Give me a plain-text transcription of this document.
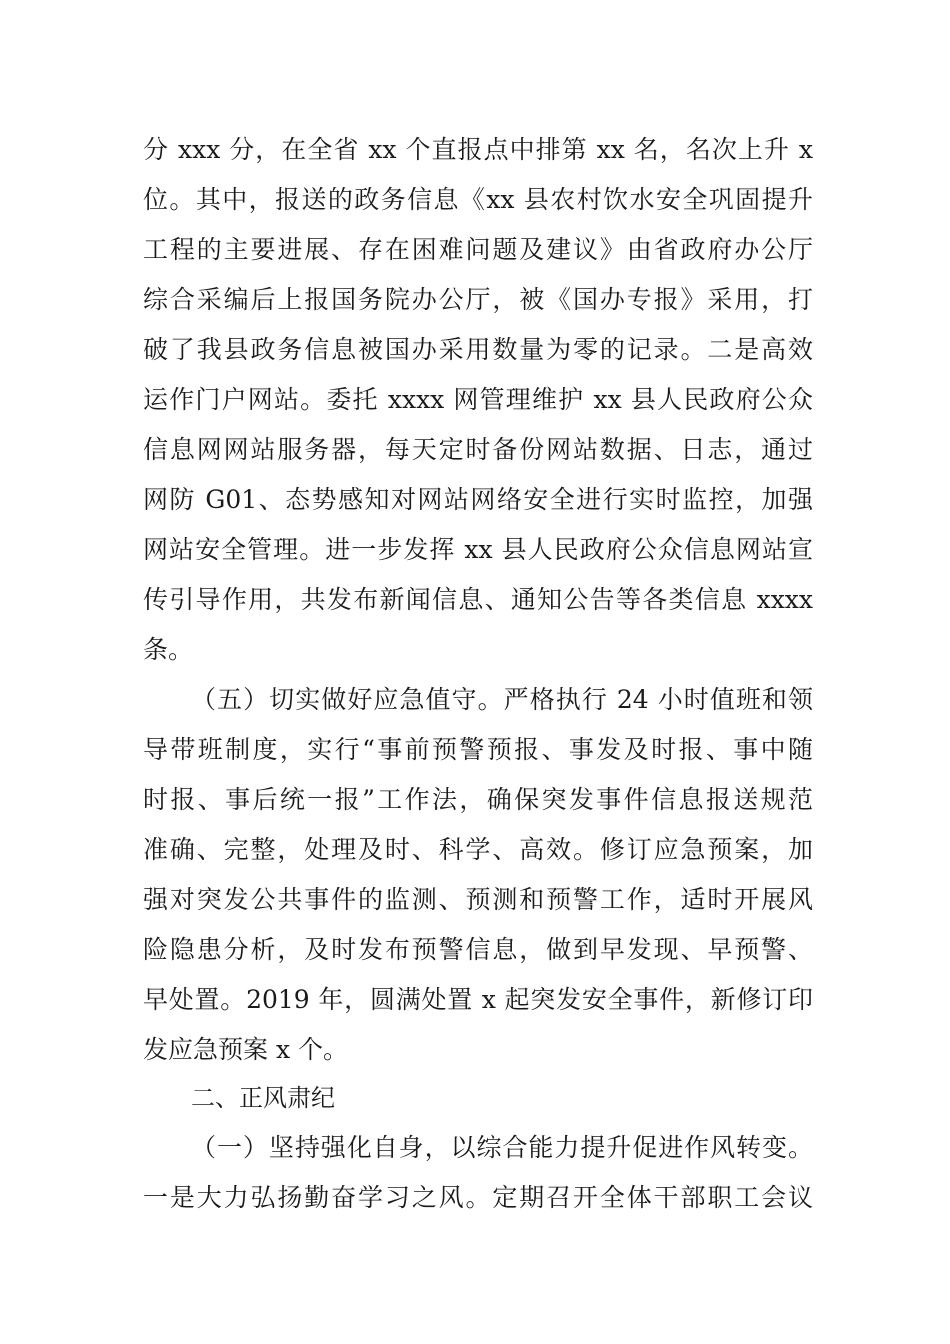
分 xxx 分，在全省 xx 个直报点中排第 xx 名，名次上升 x
位。其中，报送的政务信息《xx 县农村饮水安全巩固提升
工程的主要进展、存在困难问题及建议》由省政府办公厅
综合采编后上报国务院办公厅，被《国办专报》采用，打
破了我县政务信息被国办采用数量为零的记录。二是高效
运作门户网站。委托 xxxx 网管理维护 xx 县人民政府公众
信息网网站服务器，每天定时备份网站数据、日志，通过
网防 G01、态势感知对网站网络安全进行实时监控，加强
网站安全管理。进一步发挥 xx 县人民政府公众信息网站宣
传引导作用，共发布新闻信息、通知公告等各类信息 xxxx
条。
（五）切实做好应急值守。严格执行 24 小时值班和领
导带班制度，实行“事前预警预报、事发及时报、事中随
时报、事后统一报”工作法，确保突发事件信息报送规范
准确、完整，处理及时、科学、高效。修订应急预案，加
强对突发公共事件的监测、预测和预警工作，适时开展风
险隐患分析，及时发布预警信息，做到早发现、早预警、
早处置。2019 年，圆满处置 x 起突发安全事件，新修订印
发应急预案 x 个。
二、正风肃纪
（一）坚持强化自身，以综合能力提升促进作风转变。
一是大力弘扬勤奋学习之风。定期召开全体干部职工会议
